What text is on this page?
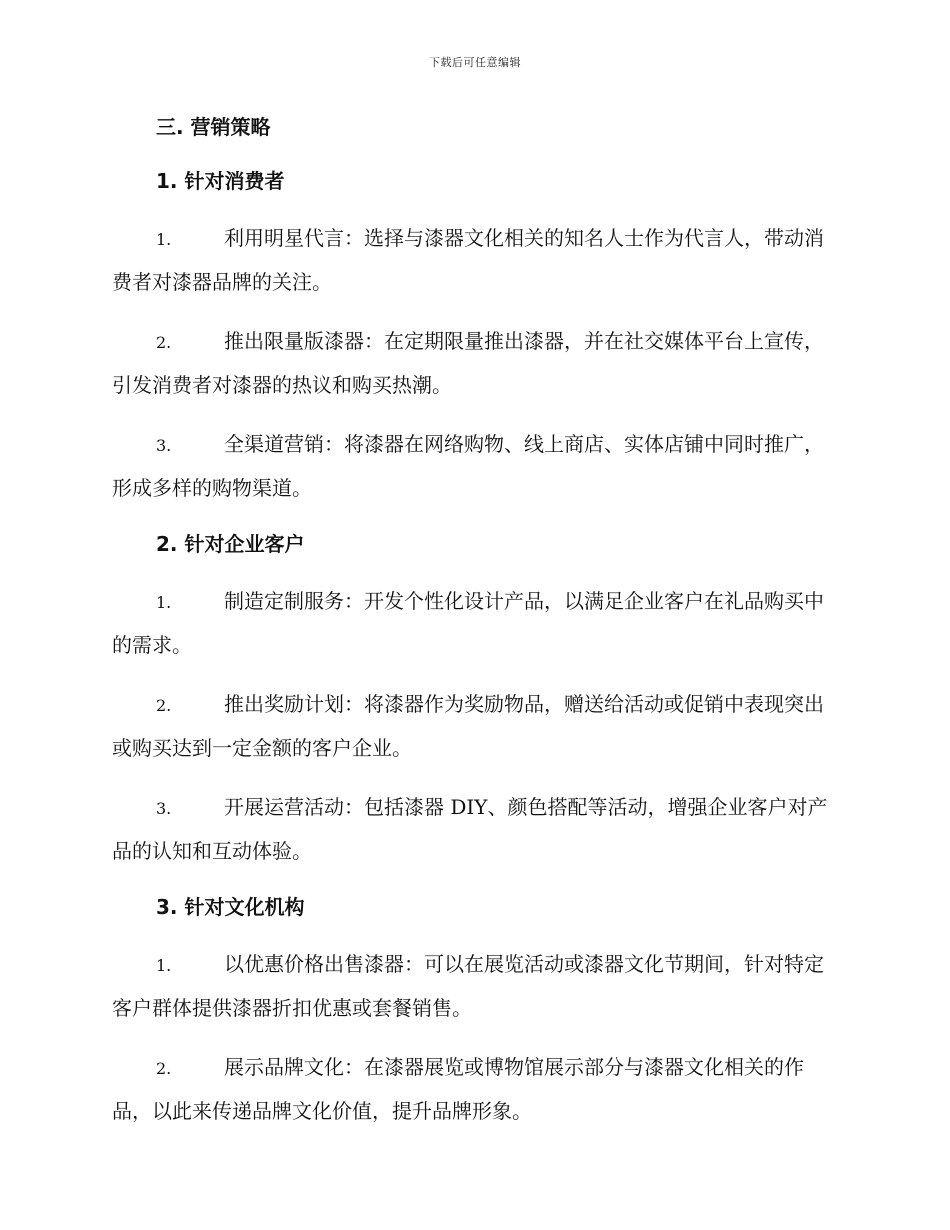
下载后可任意编辑
三. 营销策略
1. 针对消费者
1.	利用明星代言：选择与漆器文化相关的知名人士作为代言人，带动消费者对漆器品牌的关注。
2.	推出限量版漆器：在定期限量推出漆器，并在社交媒体平台上宣传，引发消费者对漆器的热议和购买热潮。
3.	全渠道营销：将漆器在网络购物、线上商店、实体店铺中同时推广，形成多样的购物渠道。
2. 针对企业客户
1.	制造定制服务：开发个性化设计产品，以满足企业客户在礼品购买中的需求。
2.	推出奖励计划：将漆器作为奖励物品，赠送给活动或促销中表现突出或购买达到一定金额的客户企业。
3.	开展运营活动：包括漆器 DIY、颜色搭配等活动，增强企业客户对产品的认知和互动体验。
3. 针对文化机构
1.	以优惠价格出售漆器：可以在展览活动或漆器文化节期间，针对特定客户群体提供漆器折扣优惠或套餐销售。
2.	展示品牌文化：在漆器展览或博物馆展示部分与漆器文化相关的作品，以此来传递品牌文化价值，提升品牌形象。
